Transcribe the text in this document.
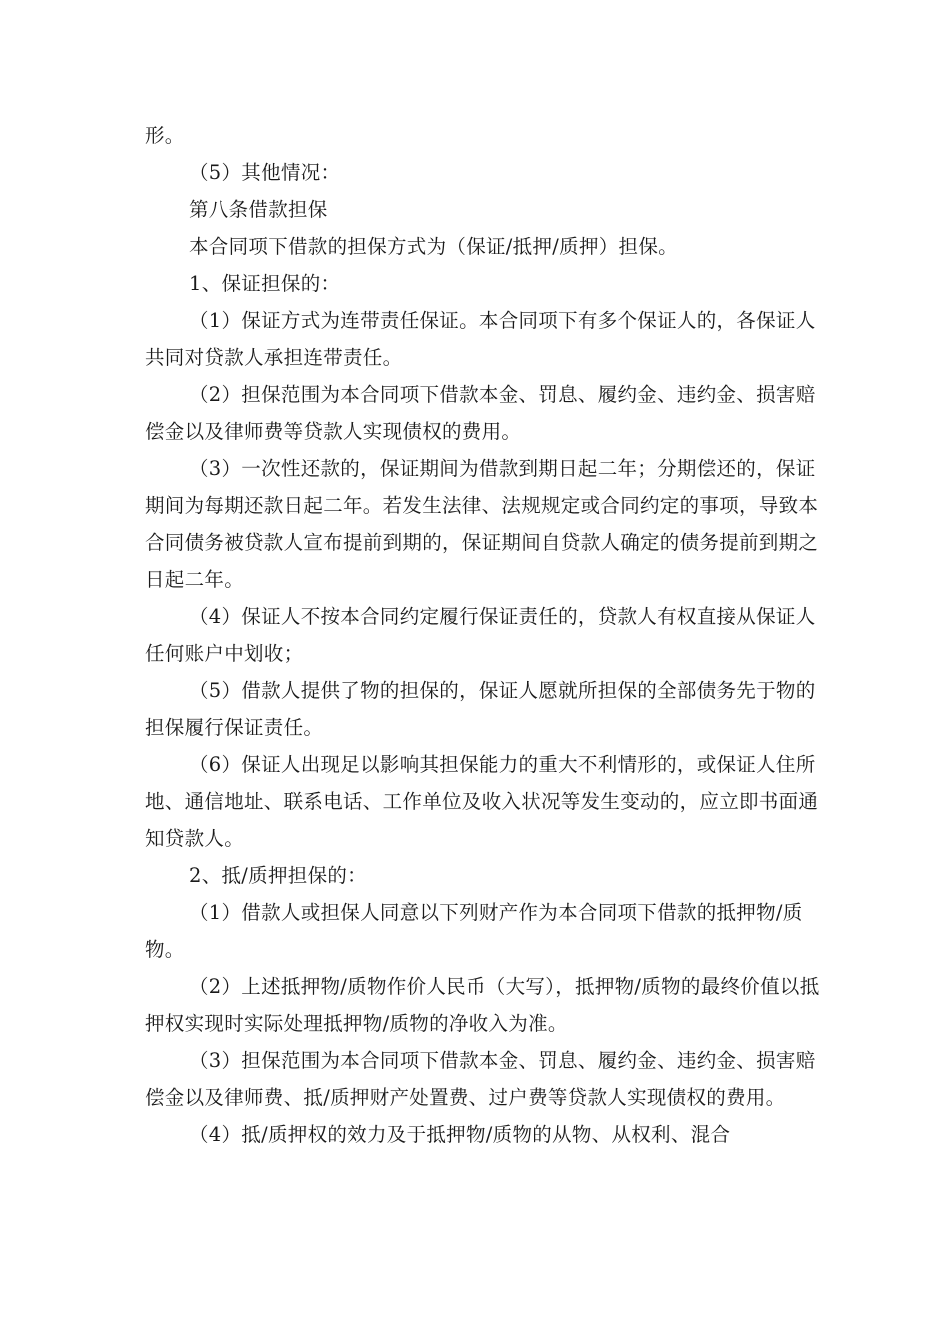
形。

（5）其他情况：

第八条借款担保

本合同项下借款的担保方式为（保证/抵押/质押）担保。

1、保证担保的：

（1）保证方式为连带责任保证。本合同项下有多个保证人的，各保证人共同对贷款人承担连带责任。

（2）担保范围为本合同项下借款本金、罚息、履约金、违约金、损害赔偿金以及律师费等贷款人实现债权的费用。

（3）一次性还款的，保证期间为借款到期日起二年；分期偿还的，保证期间为每期还款日起二年。若发生法律、法规规定或合同约定的事项，导致本合同债务被贷款人宣布提前到期的，保证期间自贷款人确定的债务提前到期之日起二年。

（4）保证人不按本合同约定履行保证责任的，贷款人有权直接从保证人任何账户中划收；

（5）借款人提供了物的担保的，保证人愿就所担保的全部债务先于物的担保履行保证责任。

（6）保证人出现足以影响其担保能力的重大不利情形的，或保证人住所地、通信地址、联系电话、工作单位及收入状况等发生变动的，应立即书面通知贷款人。

2、抵/质押担保的：

（1）借款人或担保人同意以下列财产作为本合同项下借款的抵押物/质物。

（2）上述抵押物/质物作价人民币（大写），抵押物/质物的最终价值以抵押权实现时实际处理抵押物/质物的净收入为准。

（3）担保范围为本合同项下借款本金、罚息、履约金、违约金、损害赔偿金以及律师费、抵/质押财产处置费、过户费等贷款人实现债权的费用。

（4）抵/质押权的效力及于抵押物/质物的从物、从权利、混合
